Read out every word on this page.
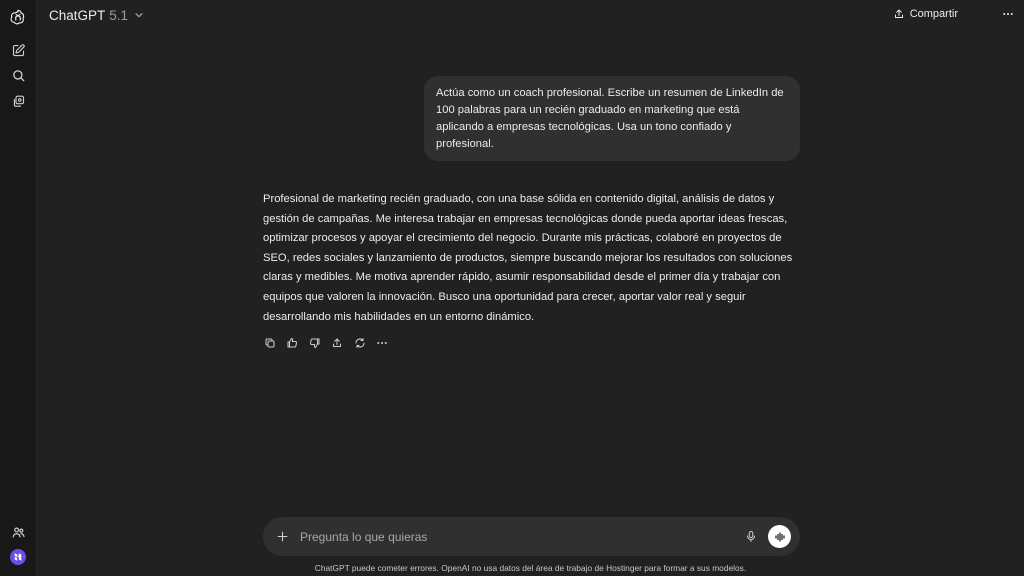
ChatGPT 5.1	Compartir
Actúa como un coach profesional. Escribe un resumen de LinkedIn de 100 palabras para un recién graduado en marketing que está aplicando a empresas tecnológicas. Usa un tono confiado y profesional.
Profesional de marketing recién graduado, con una base sólida en contenido digital, análisis de datos y gestión de campañas. Me interesa trabajar en empresas tecnológicas donde pueda aportar ideas frescas, optimizar procesos y apoyar el crecimiento del negocio. Durante mis prácticas, colaboré en proyectos de SEO, redes sociales y lanzamiento de productos, siempre buscando mejorar los resultados con soluciones claras y medibles. Me motiva aprender rápido, asumir responsabilidad desde el primer día y trabajar con equipos que valoren la innovación. Busco una oportunidad para crecer, aportar valor real y seguir desarrollando mis habilidades en un entorno dinámico.
Pregunta lo que quieras
ChatGPT puede cometer errores. OpenAI no usa datos del área de trabajo de Hostinger para formar a sus modelos.
